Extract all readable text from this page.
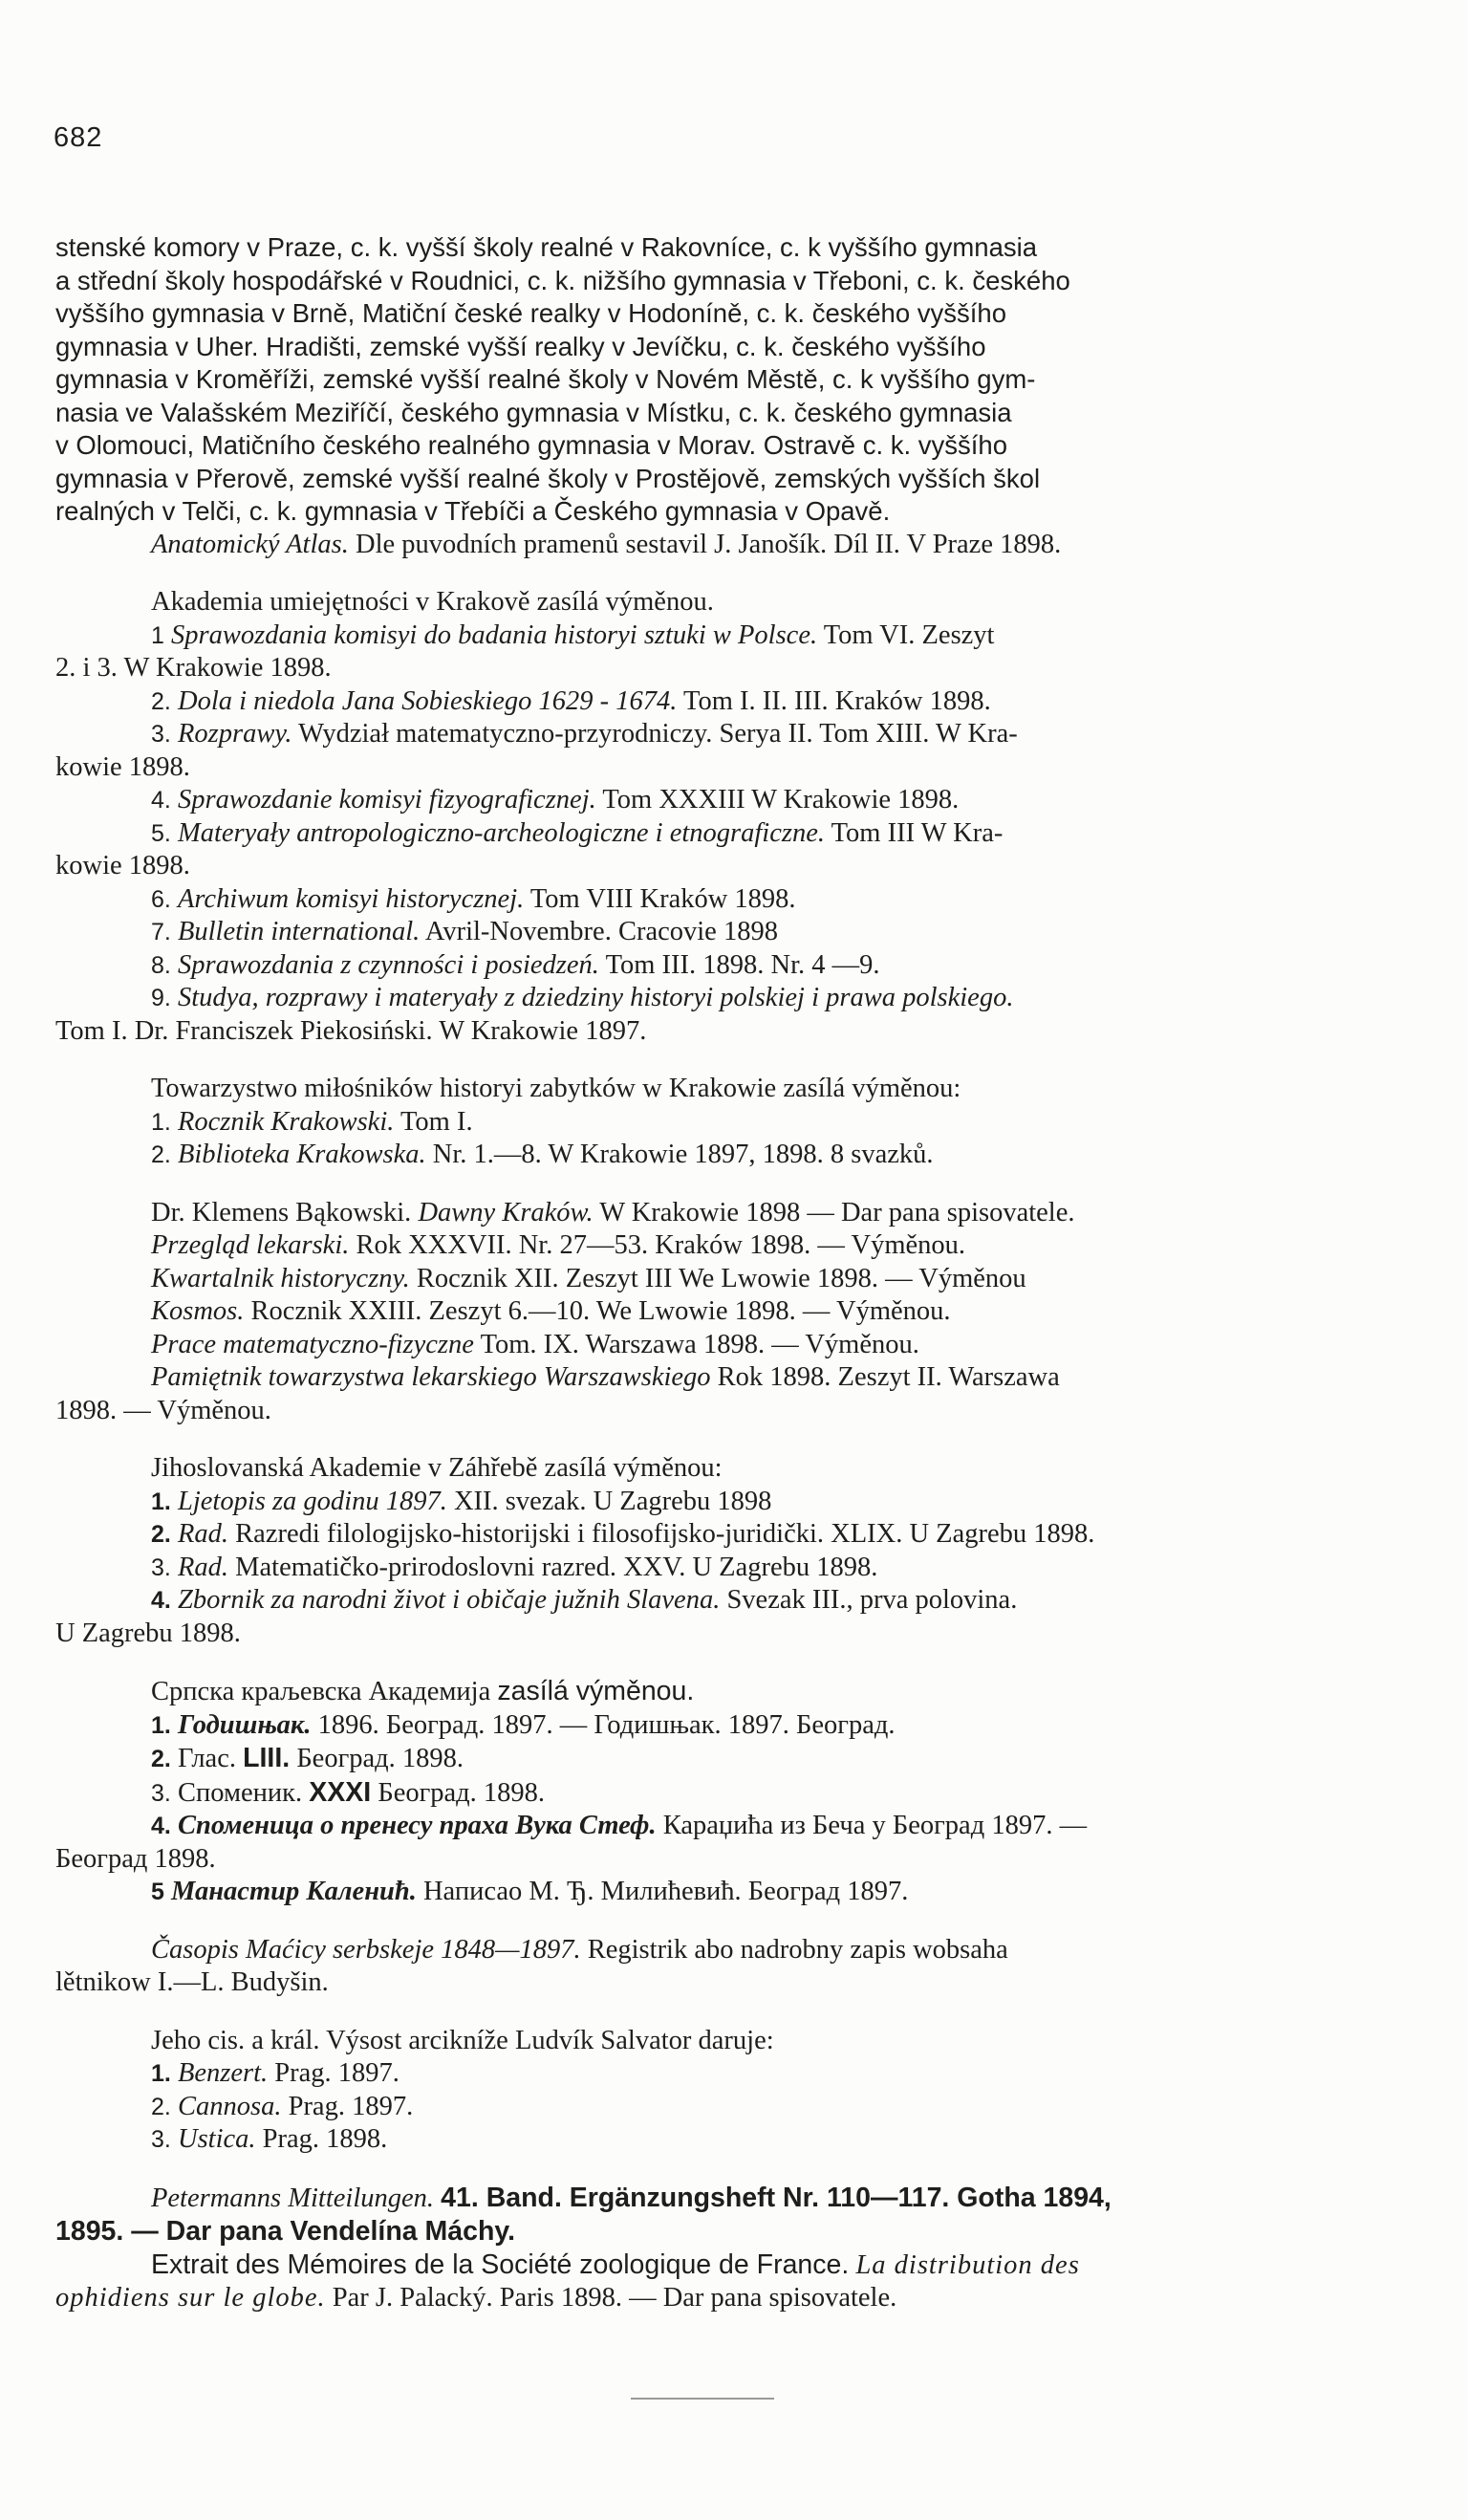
682
stenské komory v Praze, c. k. vyšší školy realné v Rakovníce, c. k vyššího gymnasia
a střední školy hospodářské v Roudnici, c. k. nižšího gymnasia v Třeboni, c. k. českého
vyššího gymnasia v Brně, Matiční české realky v Hodoníně, c. k. českého vyššího
gymnasia v Uher. Hradišti, zemské vyšší realky v Jevíčku, c. k. českého vyššího
gymnasia v Kroměříži, zemské vyšší realné školy v Novém Městě, c. k vyššího gym-
nasia ve Valašském Meziříčí, českého gymnasia v Místku, c. k. českého gymnasia
v Olomouci, Matičního českého realného gymnasia v Morav. Ostravě c. k. vyššího
gymnasia v Přerově, zemské vyšší realné školy v Prostějově, zemských vyšších škol
realných v Telči, c. k. gymnasia v Třebíči a Českého gymnasia v Opavě.
Anatomický Atlas. Dle puvodních pramenů sestavil J. Janošík. Díl II. V Praze 1898.
Akademia umiejętności v Krakově zasílá výměnou.
1 Sprawozdania komisyi do badania historyi sztuki w Polsce. Tom VI. Zeszyt
2. i 3. W Krakowie 1898.
2. Dola i niedola Jana Sobieskiego 1629 - 1674. Tom I. II. III. Kraków 1898.
3. Rozprawy. Wydział matematyczno-przyrodniczy. Serya II. Tom XIII. W Kra-
kowie 1898.
4. Sprawozdanie komisyi fizyograficznej. Tom XXXIII W Krakowie 1898.
5. Materyały antropologiczno-archeologiczne i etnograficzne. Tom III W Kra-
kowie 1898.
6. Archiwum komisyi historycznej. Tom VIII Kraków 1898.
7. Bulletin international. Avril-Novembre. Cracovie 1898
8. Sprawozdania z czynności i posiedzeń. Tom III. 1898. Nr. 4 —9.
9. Studya, rozprawy i materyały z dziedziny historyi polskiej i prawa polskiego.
Tom I. Dr. Franciszek Piekosiński. W Krakowie 1897.
Towarzystwo miłośników historyi zabytków w Krakowie zasílá výměnou:
1. Rocznik Krakowski. Tom I.
2. Biblioteka Krakowska. Nr. 1.—8. W Krakowie 1897, 1898. 8 svazků.
Dr. Klemens Bąkowski. Dawny Kraków. W Krakowie 1898 — Dar pana spisovatele.
Przegląd lekarski. Rok XXXVII. Nr. 27—53. Kraków 1898. — Výměnou.
Kwartalnik historyczny. Rocznik XII. Zeszyt III We Lwowie 1898. — Výměnou
Kosmos. Rocznik XXIII. Zeszyt 6.—10. We Lwowie 1898. — Výměnou.
Prace matematyczno-fizyczne Tom. IX. Warszawa 1898. — Výměnou.
Pamiętnik towarzystwa lekarskiego Warszawskiego Rok 1898. Zeszyt II. Warszawa
1898. — Výměnou.
Jihoslovanská Akademie v Záhřebě zasílá výměnou:
1. Ljetopis za godinu 1897. XII. svezak. U Zagrebu 1898
2. Rad. Razredi filologijsko-historijski i filosofijsko-juridički. XLIX. U Zagrebu 1898.
3. Rad. Matematičko-prirodoslovni razred. XXV. U Zagrebu 1898.
4. Zbornik za narodni život i običaje južnih Slavena. Svezak III., prva polovina.
U Zagrebu 1898.
Српска краљевска Академија zasílá výměnou.
1. Годишњак. 1896. Београд. 1897. — Годишњак. 1897. Београд.
2. Глас. LIII. Београд. 1898.
3. Споменик. XXXI Београд. 1898.
4. Споменица о пренесу праха Вука Стеф. Караџића из Беча у Београд 1897. —
Београд 1898.
5 Манастир Каленић. Написао М. Ђ. Милићевић. Београд 1897.
Časopis Maćicy serbskeje 1848—1897. Registrik abo nadrobny zapis wobsaha
lětnikow I.—L. Budyšin.
Jeho cis. a král. Výsost arcikníže Ludvík Salvator daruje:
1. Benzert. Prag. 1897.
2. Cannosa. Prag. 1897.
3. Ustica. Prag. 1898.
Petermanns Mitteilungen. 41. Band. Ergänzungsheft Nr. 110—117. Gotha 1894,
1895. — Dar pana Vendelína Máchy.
Extrait des Mémoires de la Société zoologique de France. La distribution des
ophidiens sur le globe. Par J. Palacký. Paris 1898. — Dar pana spisovatele.
